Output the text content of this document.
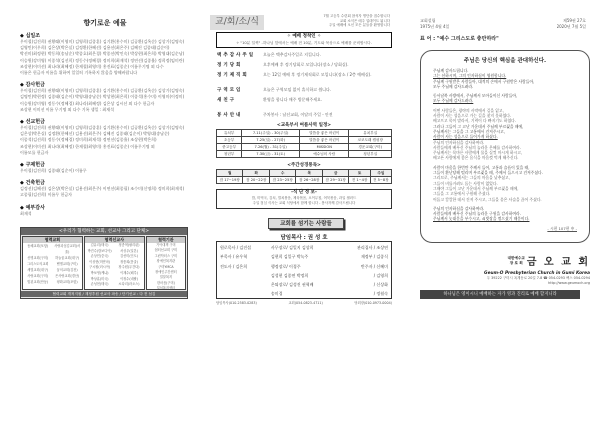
향기로운 예물
◆ 십일조
우이철(김진희) 권황래(이영미) 김영희(김종훈) 김기환(홍수미) 김공환(김옥순) 김상기(김명숙)
김영민(이우희) 김은상(박은실) 김정환(한혜선) 김용선(최은주) 김혜진 김종태(김순이)
박선미(최정현) 박동희(송남순) 박종호(최은경) 박종선(박인숙) 박상현(최은희) 박영대(김순남)
이승원(강미영) 이종석(김선희) 정동수(정혜경) 정미희(최재석) 정연선(김종율) 정희정(임미란)
조상현(이미선) 최나라(최혜정) 한재철(최영미) 홍진표(김종순) 이름무기명 외 다수
이름은 헌금자 이름을 위하여 일일히 기록하지 않음을 양해바랍니다
◆ 감사헌금
우이철(김진희) 권황래(이영미) 김영희(김종훈) 김기환(홍수미) 김공환(김옥순) 김상기(김명숙)
김명민(박현정) 김종태(김순이) 박영대(송남순) 박상현(최은희) 이종석(홍수미) 이영미(이정미)
이승원(강미영) 정동수(정혜경) 최나라(최혜정) 김은상 김시선 외 다수 헌금자
조상현 이미선 이름 무기명 외 다수 기록 생일 : 최재석
◆ 선교헌금
우이철(김진희) 권황래(이영미) 김영희(김종훈) 김기환(홍수미) 김공환(김옥순) 김상기(김명숙)
김은상(박은실) 김정환(한혜선) 김용선(최은주) 김혜진 김종태(김순이) 박영대(송남순)
이종석(김선희) 정동수(정혜경) 정미희(최재석) 정연선(김종율) 조상현(박은희)
조상현(이미선) 최나라(최혜정) 한재철(최영미) 홍진표(김종순) 이름무기명 외
이름모를 헌금자
◆ 구제헌금
우이철(김진희) 김종태(김순이) 이름무
◆ 건축헌금
김정선(김혜선) 김은상(박은실) 김용선(최은주) 이연선(최종필) 조수미(신명희) 정미희(최재석)
고종필(김선희) 이름무 헌금자
◆ 예부감사
최재석
<우리가 협력하는 교회, 선교사 그리고 단체>
협력교회
동혜교회(포항)	사랑과섬김교회(서울)
신명교회(구미)	하늘꿈교회(대구)
그리스도의교회	벧엘교회(구미)
새빛교회(대구)	꿈의교회(김천)
사랑교회(구미)	은사랑교회(경산)
빛된교회(안동)	평화교회(포항)
협력선교사
김유리(태국)	정종혁(필리핀)
박진수(캄보디아)	서상우(일본)
손상민(중국)	김선미(인도)
이상현(미얀마)	정종희(몽골)
구시원(러시아)	장주원(우간다)
박보영(케냐)	이재수(페루)
박상훈(미국)	이정수(네팔)
손성현(태국)	소다리(라오스)
협력기관
기아대책 구미
쉼터선교회 구미
그린닥터스 구미
장애인복지관
구미YMCA
장애인주간센터
밀알복지
한마음(구미)
일심복지센터
협력교회 개척지원 / 재정후원 선교사 파송 / 단기선교 : 다 전 섬김
교/회/소/식
7월 고등부 수련회 참석자 명단을 접수합니다
교회 소식은 매주 업데이트 됩니다
주일 예배에 오신 모든 분들을 환영합니다
✧ 예배 정착인 ✧
✧ "10분 일찍" -하나님 앞에서는 예배 전 10분, 기도와 묵상으로 예배를 준비합시다.
맥추감사주일 오늘은 맥추감사주일로 지킵니다.
정기당회	오후예배 후 정기당회로 모입니다(장소 / 당회실).
정기제직회	오는 12일 예배 후 정기제직회로 모입니다(장소 / 2층 예배실).
구역모임	오늘은 구역모임 없이 휴식하고 쉽니다.
새친구	환영을 합니다 매주 방문해주세요.
봉사안내	주차봉사 : 남선교회, 이달의 주일 - 안전
<교육부서 여름사역 일정>
유치부	7.11(주일) - 30(주일)	말씀을 좋은 어린이	유치부실
초등부	7.25(일) - 27(화)	말씀을 좋은 어린이	코코도래 캠핑장
중고등부	7.26(월) - 31(주일)	MISSION	경운교회(구미)
청년부	7.30(금) - 31(토)	예수님의 사람	청년부실
<주간성경통독>
월	화	수	목	금	토	주일
잠 17~19장	잠 20~22장	잠 23~25장	잠 26~28장	잠 29~31장	전 1~4장	전 5~8장
-식 단 정 보-
밥, 미역국, 김치, 멸치볶음, 제육볶음, 오이무침, 어묵볶음, 과일 샐러드
주일 점심 식사는 교회 식당에서 함께 합니다 - 봉사자께 감사드립니다
교회를 섬기는 사람들
담임목사 : 권 성 호
원로목사 / 김진섭	사무장로/ 김일지 김상희	관리집사 / 조상연
부목사 / 유우혁	김현희 김일구 박녹주	재정부 / 김종식
전도사 / 김은희	행정장로/ 이경주	반주자 / 신혜미
김성현 김종연 박정희	/ 김영희
은퇴장로/ 김성진 권혁배	/ 신상화
송미경	/ 정월숙
담임목사(010-2583-0283)	교회(054-0823-4711)	당회장(010-0973-0004)
교회설립
1975년 4월 4일
제59권 27호
2020년 7월 5일
표 어 : "예수 그리스도로 충만하라"
주님은 당신의 핵심을 관대하신다.
주님께 감사드립니다.
그는 선하시며, 그의 인자하심이 영원합니다.
주님께 구원받은 사람들아, 대적의 손에서 구원받은 사람들아,
모두 주님께 감사드려라.
동서남북 사방에서, 주님께서 모아들이신 사람들아,
모두 주님께 감사드려라.
어떤 사람들은, 광야의 사막에서 길을 잃고,
사람이 사는 성읍으로 가는 길을 찾지 못하였다.
배고프고 목이 말라서, 기력이 다 빠지기도 하였다.
그러나 그들이 그 고난 가운데서 주님께 부르짖을 때에,
주님께서는 그들을 그 고통에서 건져주시고,
사람이 사는 성읍으로 들어가게 하셨다.
주님의 인자하심을 감사하여라.
사람들에게 베푸신 주님의 놀라운 은혜를 감사하여라.
주님께서는 목마른 사람에게 물을 실컷 마시게 하시고,
배고픈 사람에게 좋은 음식을 마음껏 먹게 해주신다.
사람이 마음을 한번만 주께서 들어, 고통과 슬픔이 있을 때,
그들이 환난당해 떨리며 부르짖을 때, 주께서 들으시고 건져주셨다.
그리므로, 주님께서는 그들의 마음을 낮추셨고,
그들이 비틀거려도 돕는 사람이 없었다.
그때야 그들이 고난 가운데서 주님께 부르짖을 때에,
그들을 그 고통에서 구원해 주셨다.
어둡고 캄캄한 데서 건져 주시고, 그들을 묶은 사슬을 끊어 주셨다.
주님의 인자하심을 감사하여라.
사람들에게 베푸신 주님의 놀라운 구원을 감사하여라.
주님께서 놋대문을 부수시고, 쇠빗장을 꺾으셨기 때문이다.
- 시편 107편 中 -
대한예수교
장 로 회 금 오 교 회
Geum-O Presbyterian Church in Gumi Korea
우 39222 구미시 옥계동로 20길 7-8 ☎ 054-0293 팩스 054-0294
http://www.geumoch.org
하나님은 영이시니 예배하는 자가 영과 진리로 예배 할지니라
